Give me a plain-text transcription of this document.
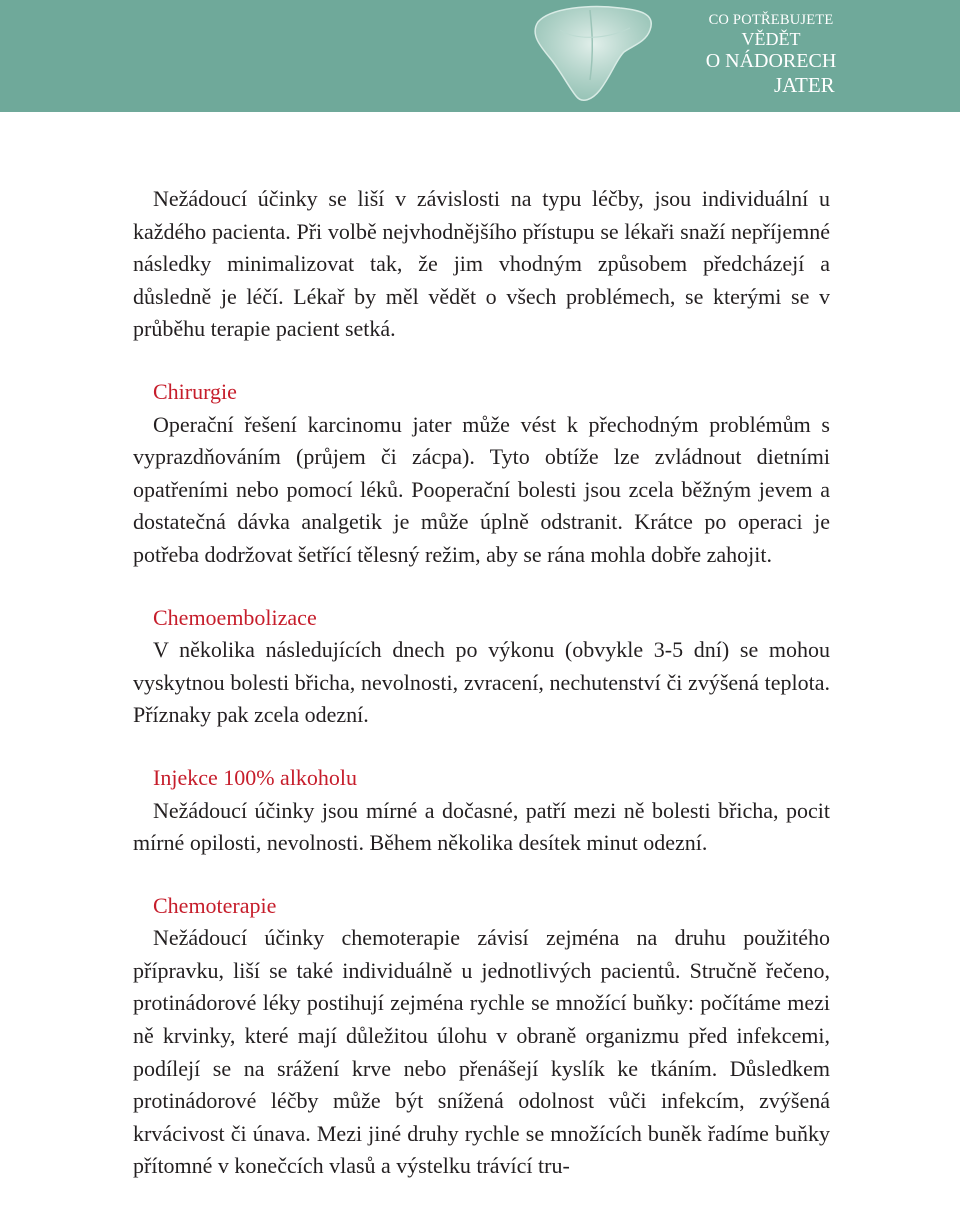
CO POTŘEBUJETE
VĚDĚT
O NÁDORECH
JATER

Nežádoucí účinky se liší v závislosti na typu léčby, jsou individuální u každého pacienta. Při volbě nejvhodnějšího přístupu se lékaři snaží nepříjemné následky minimalizovat tak, že jim vhodným způsobem předcházejí a důsledně je léčí. Lékař by měl vědět o všech problémech, se kterými se v průběhu terapie pacient setká.

Chirurgie

Operační řešení karcinomu jater může vést k přechodným problémům s vyprazdňováním (průjem či zácpa). Tyto obtíže lze zvládnout dietními opatřeními nebo pomocí léků. Pooperační bolesti jsou zcela běžným jevem a dostatečná dávka analgetik je může úplně odstranit. Krátce po operaci je potřeba dodržovat šetřící tělesný režim, aby se rána mohla dobře zahojit.

Chemoembolizace

V několika následujících dnech po výkonu (obvykle 3-5 dní) se mohou vyskytnou bolesti břicha, nevolnosti, zvracení, nechutenství či zvýšená teplota. Příznaky pak zcela odezní.

Injekce 100% alkoholu

Nežádoucí účinky jsou mírné a dočasné, patří mezi ně bolesti břicha, pocit mírné opilosti, nevolnosti. Během několika desítek minut odezní.

Chemoterapie

Nežádoucí účinky chemoterapie závisí zejména na druhu použitého přípravku, liší se také individuálně u jednotlivých pacientů. Stručně řečeno, protinádorové léky postihují zejména rychle se množící buňky: počítáme mezi ně krvinky, které mají důležitou úlohu v obraně organizmu před infekcemi, podílejí se na srážení krve nebo přenášejí kyslík ke tkáním. Důsledkem protinádorové léčby může být snížená odolnost vůči infekcím, zvýšená krvácivost či únava. Mezi jiné druhy rychle se množících buněk řadíme buňky přítomné v konečcích vlasů a výstelku trávící tru-
